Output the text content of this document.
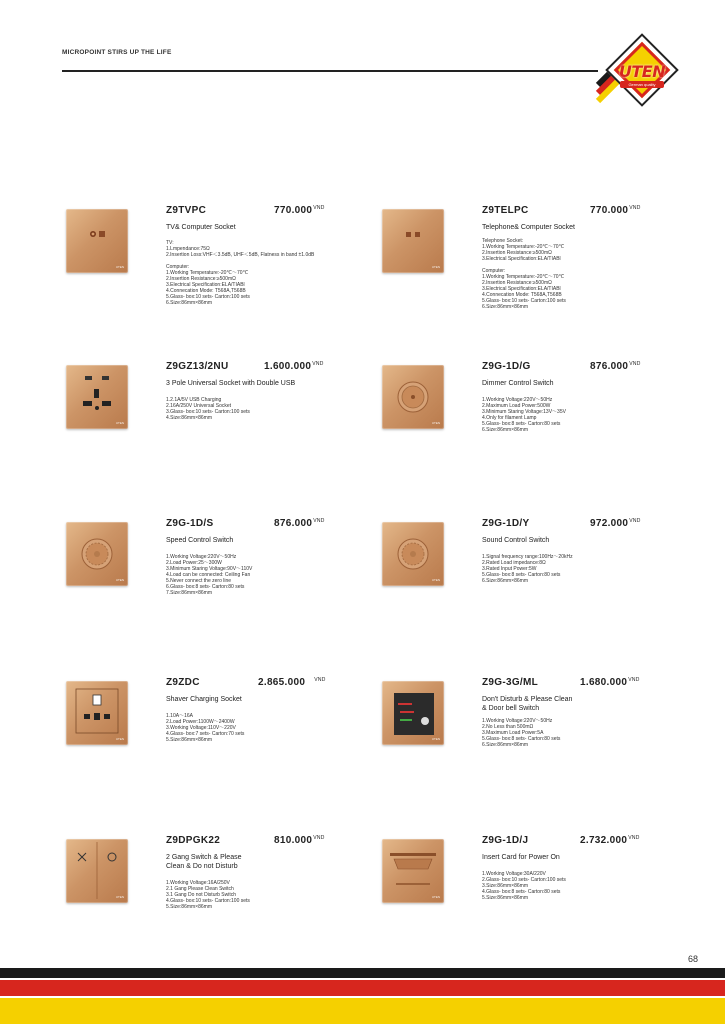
MICROPOINT STIRS UP THE LIFE
UTEN
German quality
UTEN
Z9TVPC	$770.000^{VND}$
TV& Computer Socket
TV:
1.Lmpendance:75Ω
2.Insertion Loss:VHF＜3.5dB, UHF＜5dB, Flatness in band ±1.0dB
Computer:
1.Working Temperature:-20℃～70℃
2.Insertion Resistance:≥500mΩ
3.Electrical Specification:ELA/TIABl
4.Connecation Mode: T568A,T568B
5.Glass- box:10 sets- Carton:100 sets
6.Size:86mm×86mm
UTEN
Z9TELPC	$770.000^{VND}$
Telephone& Computer Socket
Telephone Socket:
1.Working Temperature:-20℃～70℃
2.Insertion Resistance:≥500mΩ
3.Electrical Specification:ELA/TIABl
Computer:
1.Working Temperature:-20℃～70℃
2.Insertion Resistance:≥500mΩ
3.Electrical Specification:ELA/TIABl
4.Connecation Mode: T568A,T568B
5.Glass- box:10 sets- Carton:100 sets
6.Size:86mm×86mm
UTEN
Z9GZ13/2NU	$1.600.000^{VND}$
3 Pole Universal Socket with Double USB
1.2.1A/5V USB Charging
2.16A/250V Universal Socket
3.Glass- box:10 sets- Carton:100 sets
4.Size:86mm×86mm
UTEN
Z9G-1D/G	$876.000^{VND}$
Dimmer Control Switch
1.Working Voltage:220V～50Hz
2.Maximum Load Power:500W
3.Minimum Staring Voltage:13V～35V
4.Only for filament Lamp
5.Glass- box:8 sets- Carton:80 sets
6.Size:86mm×86mm
UTEN
Z9G-1D/S	$876.000^{VND}$
Speed Control Switch
1.Working Voltage:220V～50Hz
2.Load Power:25～300W
3.Minimum Staring Voltage:90V～110V
4.Load can be connected: Ceiling Fan
5.Never connect the zero line
6.Glass- box:8 sets- Carton:80 sets
7.Size:86mm×86mm
UTEN
Z9G-1D/Y	$972.000^{VND}$
Sound Control Switch
1.Signal frequency range:100Hz～20kHz
2.Rated Load impedance:8Ω
3.Rated Input Power:5W
5.Glass- box:8 sets- Carton:80 sets
6.Size:86mm×86mm
UTEN
Z9ZDC	2.865.000 $^{VND}$
Shaver Charging Socket
1.10A～16A
2.Load Power:1100W～2400W
3.Working Voltage:110V～220V
4.Glass- box:7 sets- Carton:70 sets
5.Size:86mm×86mm	UTEN
Z9G-3G/ML	$1.680.000^{VND}$
Don't Disturb & Please Clean
& Door bell Switch
1.Working Voltage:220V～50Hz
2.No Less than 500mΩ
3.Maximum Load Power:5A
5.Glass- box:8 sets- Carton:80 sets
6.Size:86mm×86mm
UTEN
Z9DPGK22	$810.000^{VND}$
2 Gang Switch & Please
Clean & Do not Disturb
1.Working Voltage:16A/250V
2.1 Gang Please Clean Switch
3.1 Gang Do not Disturb Switch
4.Glass- box:10 sets- Carton:100 sets
5.Size:86mm×86mm
UTEN
Z9G-1D/J	$2.732.000^{VND}$
Insert Card for Power On
1.Working Voltage:30A/220V
2.Glass- box:10 sets- Carton:100 sets
3.Size:86mm×86mm
4.Glass- box:8 sets- Carton:80 sets
5.Size:86mm×86mm
68
